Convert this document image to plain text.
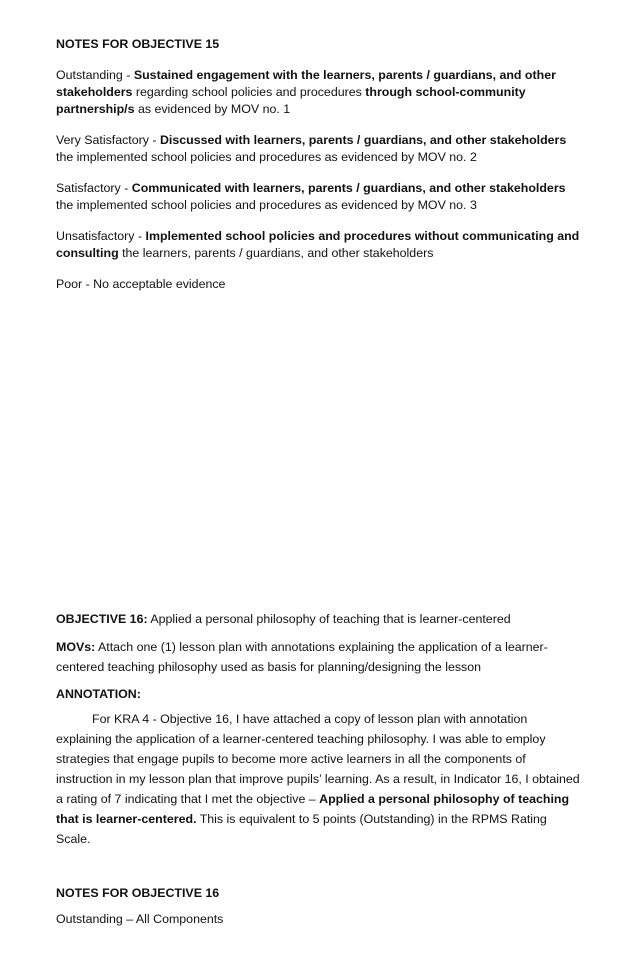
NOTES FOR OBJECTIVE 15

Outstanding - Sustained engagement with the learners, parents / guardians, and other stakeholders regarding school policies and procedures through school-community partnership/s as evidenced by MOV no. 1

Very Satisfactory - Discussed with learners, parents / guardians, and other stakeholders the implemented school policies and procedures as evidenced by MOV no. 2

Satisfactory - Communicated with learners, parents / guardians, and other stakeholders the implemented school policies and procedures as evidenced by MOV no. 3

Unsatisfactory - Implemented school policies and procedures without communicating and consulting the learners, parents / guardians, and other stakeholders

Poor - No acceptable evidence

OBJECTIVE 16: Applied a personal philosophy of teaching that is learner-centered

MOVs: Attach one (1) lesson plan with annotations explaining the application of a learner-centered teaching philosophy used as basis for planning/designing the lesson

ANNOTATION:

For KRA 4 - Objective 16, I have attached a copy of lesson plan with annotation explaining the application of a learner-centered teaching philosophy. I was able to employ strategies that engage pupils to become more active learners in all the components of instruction in my lesson plan that improve pupils’ learning. As a result, in Indicator 16, I obtained a rating of 7 indicating that I met the objective – Applied a personal philosophy of teaching that is learner-centered. This is equivalent to 5 points (Outstanding) in the RPMS Rating Scale.

NOTES FOR OBJECTIVE 16

Outstanding – All Components
